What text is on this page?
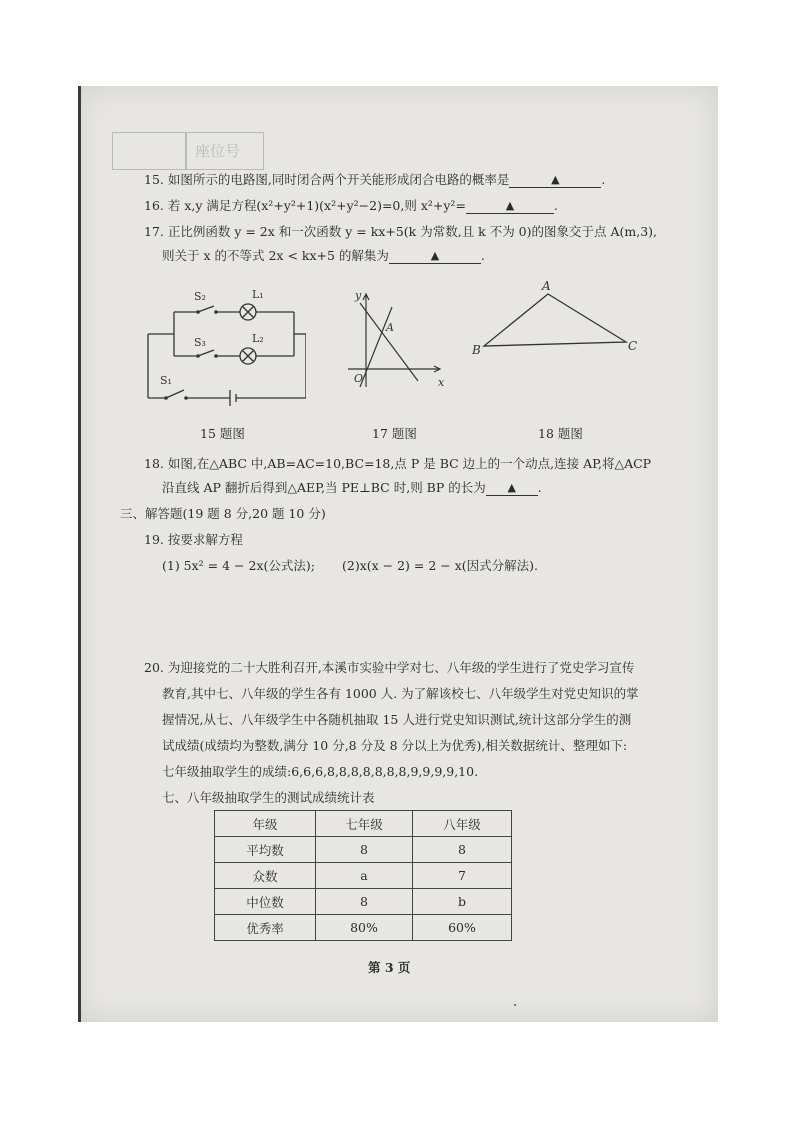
座位号
15. 如图所示的电路图,同时闭合两个开关能形成闭合电路的概率是	▲	.
16. 若 x,y 满足方程(x²+y²+1)(x²+y²−2)=0,则 x²+y²=	▲	.
17. 正比例函数 y = 2x 和一次函数 y = kx+5(k 为常数,且 k 不为 0)的图象交于点 A(m,3),
则关于 x 的不等式 2x < kx+5 的解集为	▲	.
S₂	L₁
S₃	L₂
S₁
15 题图
y
x
O
A
17 题图
A
B	C
18 题图
18. 如图,在△ABC 中,AB=AC=10,BC=18,点 P 是 BC 边上的一个动点,连接 AP,将△ACP
沿直线 AP 翻折后得到△AEP,当 PE⊥BC 时,则 BP 的长为 ▲ .
三、解答题(19 题 8 分,20 题 10 分)
19. 按要求解方程
(1) 5x² = 4 − 2x(公式法); (2)x(x − 2) = 2 − x(因式分解法).
20. 为迎接党的二十大胜利召开,本溪市实验中学对七、八年级的学生进行了党史学习宣传
教育,其中七、八年级的学生各有 1000 人. 为了解该校七、八年级学生对党史知识的掌
握情况,从七、八年级学生中各随机抽取 15 人进行党史知识测试,统计这部分学生的测
试成绩(成绩均为整数,满分 10 分,8 分及 8 分以上为优秀),相关数据统计、整理如下:
七年级抽取学生的成绩:6,6,6,8,8,8,8,8,8,8,9,9,9,9,10.
七、八年级抽取学生的测试成绩统计表
年级	七年级	八年级
平均数	8	8
众数	a	7
中位数	8	b
优秀率	80%	60%
第 3 页
